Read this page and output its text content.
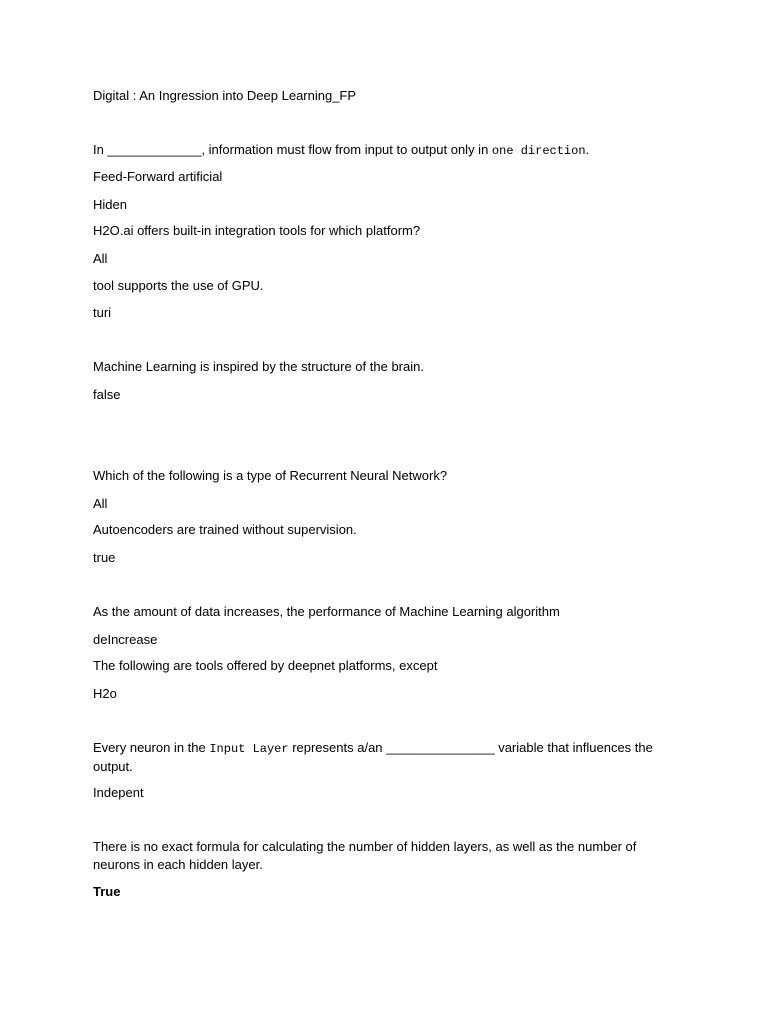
Digital : An Ingression into Deep Learning_FP
In _____________, information must flow from input to output only in one direction.
Feed-Forward artificial
Hiden
H2O.ai offers built-in integration tools for which platform?
All
tool supports the use of GPU.
turi
Machine Learning is inspired by the structure of the brain.
false
Which of the following is a type of Recurrent Neural Network?
All
Autoencoders are trained without supervision.
true
As the amount of data increases, the performance of Machine Learning algorithm
deIncrease
The following are tools offered by deepnet platforms, except
H2o
Every neuron in the Input Layer represents a/an _______________ variable that influences the output.
Indepent
There is no exact formula for calculating the number of hidden layers, as well as the number of neurons in each hidden layer.
True
